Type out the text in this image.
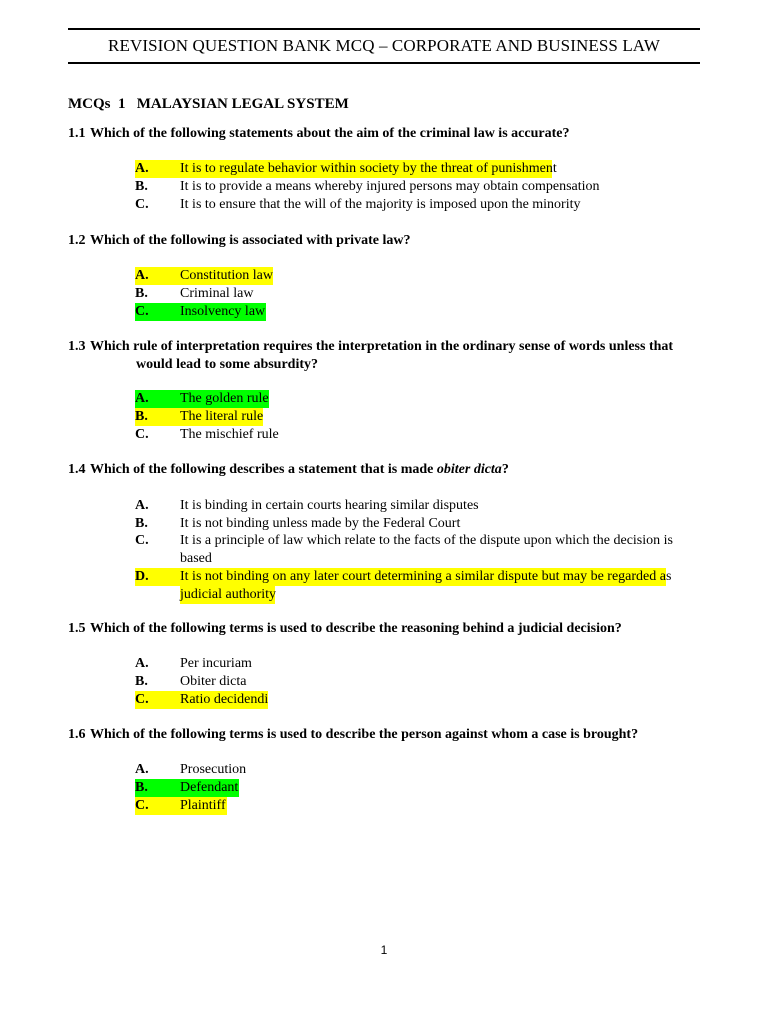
REVISION QUESTION BANK MCQ – CORPORATE AND BUSINESS LAW
MCQs  1   MALAYSIAN LEGAL SYSTEM
1.1 Which of the following statements about the aim of the criminal law is accurate?
A. It is to regulate behavior within society by the threat of punishment
B. It is to provide a means whereby injured persons may obtain compensation
C. It is to ensure that the will of the majority is imposed upon the minority
1.2 Which of the following is associated with private law?
A. Constitution law
B. Criminal law
C. Insolvency law
1.3 Which rule of interpretation requires the interpretation in the ordinary sense of words unless that
would lead to some absurdity?
A. The golden rule
B. The literal rule
C. The mischief rule
1.4 Which of the following describes a statement that is made obiter dicta?
A. It is binding in certain courts hearing similar disputes
B. It is not binding unless made by the Federal Court
C. It is a principle of law which relate to the facts of the dispute upon which the decision is
based
D. It is not binding on any later court determining a similar dispute but may be regarded as
judicial authority
1.5 Which of the following terms is used to describe the reasoning behind a judicial decision?
A. Per incuriam
B. Obiter dicta
C. Ratio decidendi
1.6 Which of the following terms is used to describe the person against whom a case is brought?
A. Prosecution
B. Defendant
C. Plaintiff
1
